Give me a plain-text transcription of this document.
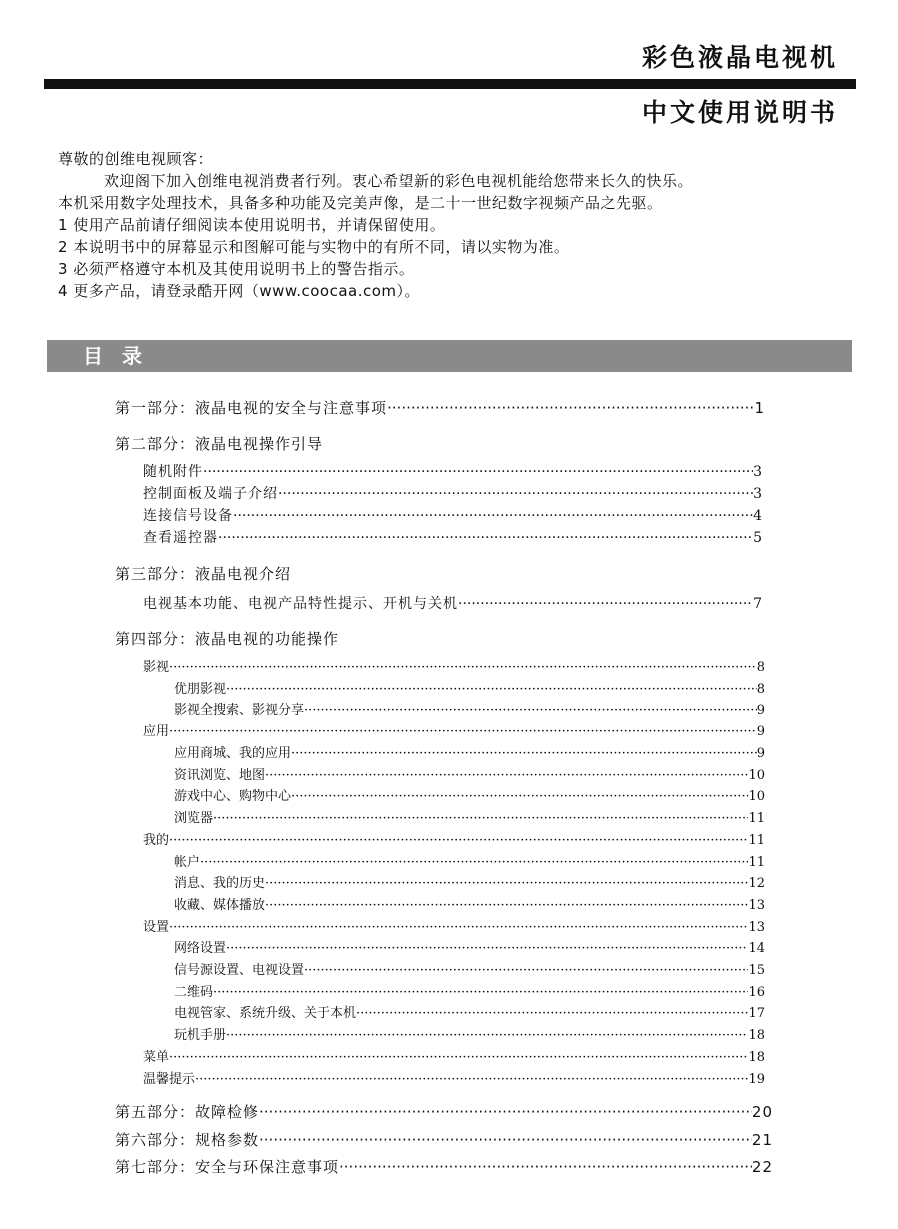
彩色液晶电视机
中文使用说明书
尊敬的创维电视顾客：
欢迎阁下加入创维电视消费者行列。衷心希望新的彩色电视机能给您带来长久的快乐。
本机采用数字处理技术，具备多种功能及完美声像，是二十一世纪数字视频产品之先驱。
1 使用产品前请仔细阅读本使用说明书，并请保留使用。
2 本说明书中的屏幕显示和图解可能与实物中的有所不同，请以实物为准。
3 必须严格遵守本机及其使用说明书上的警告指示。
4 更多产品，请登录酷开网（www.coocaa.com）。
目 录
第一部分：液晶电视的安全与注意事项 ·····	1
第二部分：液晶电视操作引导
随机附件 ·····	3
控制面板及端子介绍 ·····	3
连接信号设备 ·····	4
查看遥控器 ·····	5
第三部分：液晶电视介绍
电视基本功能、电视产品特性提示、开机与关机 ·····	7
第四部分：液晶电视的功能操作
影视 ·····	8
优朋影视 ·····	8
影视全搜索、影视分享 ·····	9
应用 ·····	9
应用商城、我的应用 ·····	9
资讯浏览、地图 ·····	10
游戏中心、购物中心 ·····	10
浏览器 ·····	11
我的 ·····	11
帐户 ·····	11
消息、我的历史 ·····	12
收藏、媒体播放 ·····	13
设置 ·····	13
网络设置 ·····	14
信号源设置、电视设置 ·····	15
二维码 ·····	16
电视管家、系统升级、关于本机 ·····	17
玩机手册 ·····	18
菜单 ·····	18
温馨提示 ·····	19
第五部分：故障检修 ·····	20
第六部分：规格参数 ·····	21
第七部分：安全与环保注意事项 ·····	22
